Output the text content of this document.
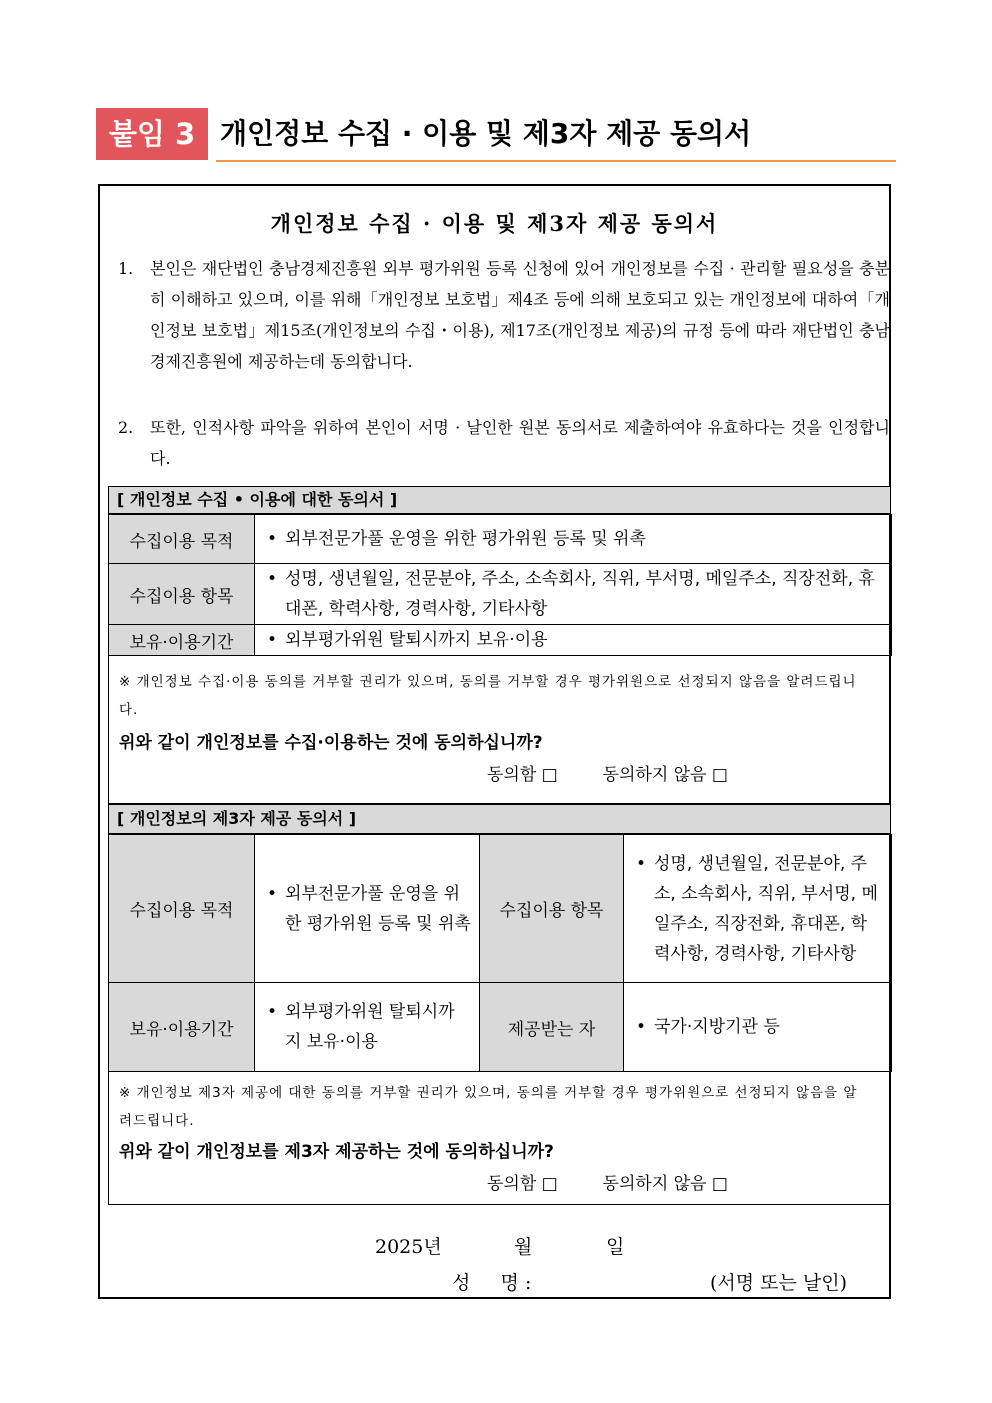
붙임 3 개인정보 수집 · 이용 및 제3자 제공 동의서
개인정보 수집 · 이용 및 제3자 제공 동의서
1. 본인은 재단법인 충남경제진흥원 외부 평가위원 등록 신청에 있어 개인정보를 수집 · 관리할 필요성을 충분히 이해하고 있으며, 이를 위해「개인정보 보호법」제4조 등에 의해 보호되고 있는 개인정보에 대하여「개인정보 보호법」제15조(개인정보의 수집・이용), 제17조(개인정보 제공)의 규정 등에 따라 재단법인 충남경제진흥원에 제공하는데 동의합니다.
2. 또한, 인적사항 파악을 위하여 본인이 서명 · 날인한 원본 동의서로 제출하여야 유효하다는 것을 인정합니다.
[ 개인정보 수집 • 이용에 대한 동의서 ]
수집이용 목적	• 외부전문가풀 운영을 위한 평가위원 등록 및 위촉

수집이용 항목	• 성명, 생년월일, 전문분야, 주소, 소속회사, 직위, 부서명, 메일주소, 직장전화, 휴대폰, 학력사항, 경력사항, 기타사항

보유·이용기간	• 외부평가위원 탈퇴시까지 보유·이용
※ 개인정보 수집·이용 동의를 거부할 권리가 있으며, 동의를 거부할 경우 평가위원으로 선정되지 않음을 알려드립니다.
위와 같이 개인정보를 수집·이용하는 것에 동의하십니까?
동의함 □	동의하지 않음 □
[ 개인정보의 제3자 제공 동의서 ]
수집이용 목적	• 외부전문가풀 운영을 위한 평가위원 등록 및 위촉	수집이용 항목	• 성명, 생년월일, 전문분야, 주소, 소속회사, 직위, 부서명, 메일주소, 직장전화, 휴대폰, 학력사항, 경력사항, 기타사항

보유·이용기간	• 외부평가위원 탈퇴시까지 보유·이용	제공받는 자	• 국가·지방기관 등
※ 개인정보 제3자 제공에 대한 동의를 거부할 권리가 있으며, 동의를 거부할 경우 평가위원으로 선정되지 않음을 알려드립니다.
위와 같이 개인정보를 제3자 제공하는 것에 동의하십니까?
동의함 □	동의하지 않음 □
2025년	월	일
성     명 :	(서명 또는 날인)
